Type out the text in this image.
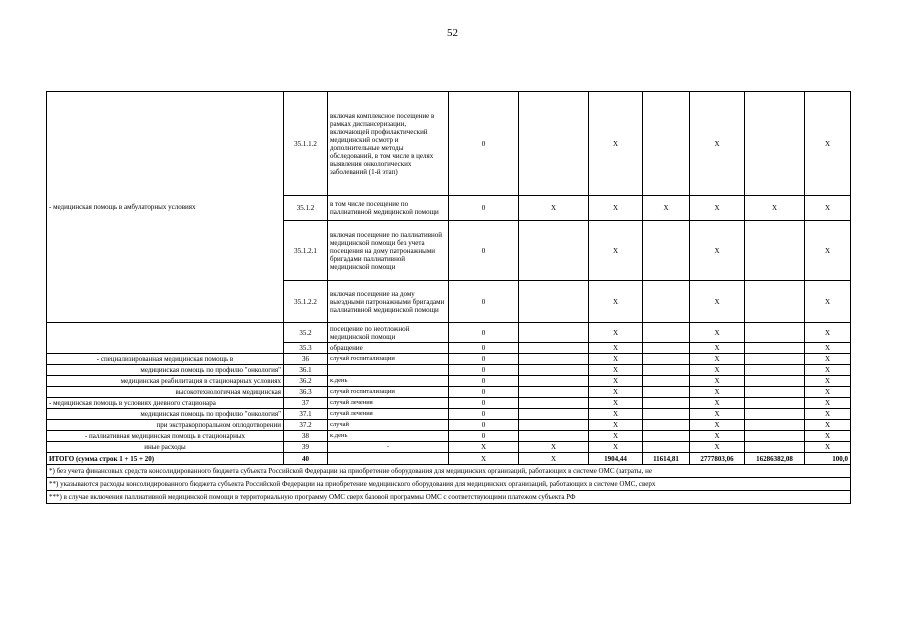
52
- медицинская помощь в амбулаторных условиях	35.1.1.2	включая комплексное посещение в рамках диспансеризации, включающей профилактический медицинский осмотр и дополнительные методы обследований, в том числе в целях выявления онкологических заболеваний (1-й этап)	0		X		X		X
	35.1.2	в том числе посещение по паллиативной медицинской помощи	0	X	X	X	X	X	X
	35.1.2.1	включая посещение по паллиативной медицинской помощи без учета посещения на дому патронажными бригадами паллиативной медицинской помощи	0		X		X		X
	35.1.2.2	включая посещение на дому выездными патронажными бригадами паллиативной медицинской помощи	0		X		X		X
	35.2	посещение по неотложной медицинской помощи	0		X		X		X
	35.3	обращение	0		X		X		X
- специализированная медицинская помощь в	36	случай госпитализации	0		X		X		X
медицинская помощь по профилю "онкология"	36.1		0		X		X		X
медицинская реабилитация в стационарных условиях	36.2	к.день	0		X		X		X
высокотехнологичная медицинская	36.3	случай госпитализации	0		X		X		X
- медицинская помощь в условиях дневного стационара	37	случай лечения	0		X		X		X
медицинская помощь по профилю "онкология"	37.1	случай лечения	0		X		X		X
при экстракорпоральном оплодотворении	37.2	случай	0		X		X		X
- паллиативная медицинская помощь в стационарных	38	к.день	0		X		X		X
иные расходы	39	-	X	X	X		X		X
ИТОГО (сумма строк 1 + 15 + 20)	40		X	X	1904,44	11614,81	2777803,06	16286382,08	100,0
*) без учета финансовых средств консолидированного бюджета субъекта Российской Федерации на приобретение оборудования для медицинских организаций, работающих в системе ОМС (затраты, не									
**) указываются расходы консолидированного бюджета субъекта Российской Федерации на приобретение медицинского оборудования для медицинских организаций, работающих в системе ОМС, сверх									
***) в случае включения паллиативной медицинской помощи в территориальную программу ОМС сверх базовой программы ОМС с соответствующими платежом субъекта РФ									
